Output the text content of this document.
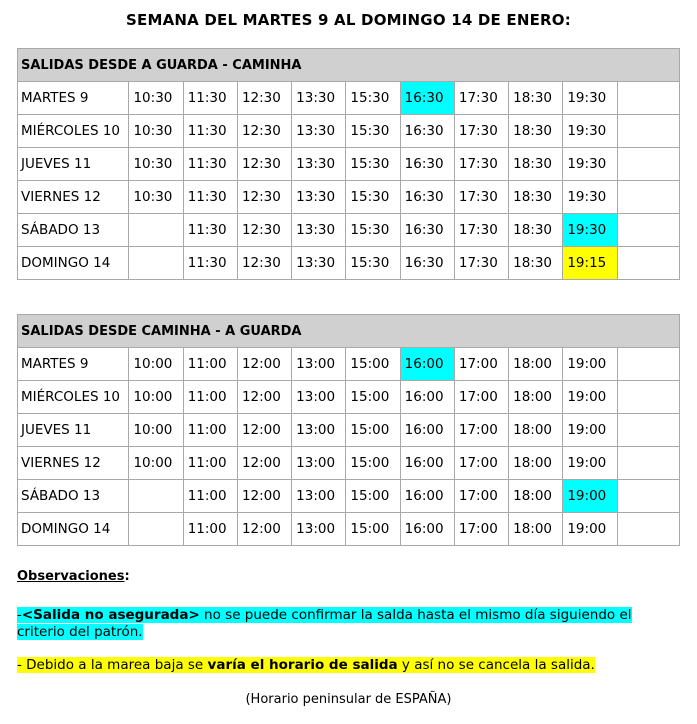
SEMANA DEL MARTES 9 AL DOMINGO 14 DE ENERO:
SALIDAS DESDE A GUARDA - CAMINHA										
MARTES 9	10:30	11:30	12:30	13:30	15:30	16:30	17:30	18:30	19:30	
MIÉRCOLES 10	10:30	11:30	12:30	13:30	15:30	16:30	17:30	18:30	19:30	
JUEVES 11	10:30	11:30	12:30	13:30	15:30	16:30	17:30	18:30	19:30	
VIERNES 12	10:30	11:30	12:30	13:30	15:30	16:30	17:30	18:30	19:30	
SÁBADO 13		11:30	12:30	13:30	15:30	16:30	17:30	18:30	19:30	
DOMINGO 14		11:30	12:30	13:30	15:30	16:30	17:30	18:30	19:15	
SALIDAS DESDE CAMINHA - A GUARDA										
MARTES 9	10:00	11:00	12:00	13:00	15:00	16:00	17:00	18:00	19:00	
MIÉRCOLES 10	10:00	11:00	12:00	13:00	15:00	16:00	17:00	18:00	19:00	
JUEVES 11	10:00	11:00	12:00	13:00	15:00	16:00	17:00	18:00	19:00	
VIERNES 12	10:00	11:00	12:00	13:00	15:00	16:00	17:00	18:00	19:00	
SÁBADO 13		11:00	12:00	13:00	15:00	16:00	17:00	18:00	19:00	
DOMINGO 14		11:00	12:00	13:00	15:00	16:00	17:00	18:00	19:00	
Observaciones:
-<Salida no asegurada> no se puede confirmar la salda hasta el mismo día siguiendo el criterio del patrón.
- Debido a la marea baja se varía el horario de salida y así no se cancela la salida.
(Horario peninsular de ESPAÑA)
